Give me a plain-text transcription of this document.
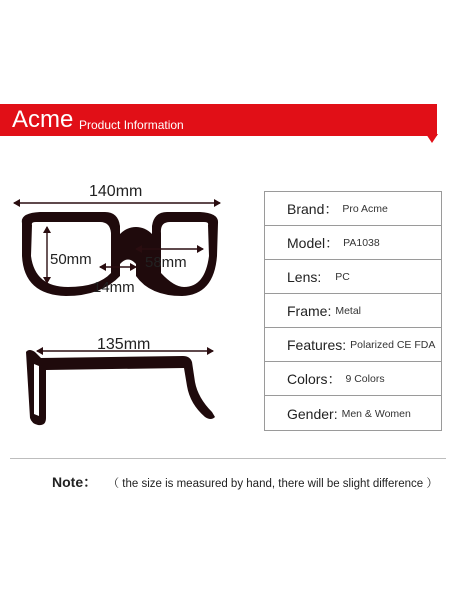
Acme Product Information
140mm
50mm	58mm
14mm
135mm
Brand： Pro Acme
Model： PA1038
Lens: PC
Frame: Metal
Features: Polarized CE FDA
Colors： 9 Colors
Gender: Men & Women
Note： （ the size is measured by hand, there will be slight difference ）
